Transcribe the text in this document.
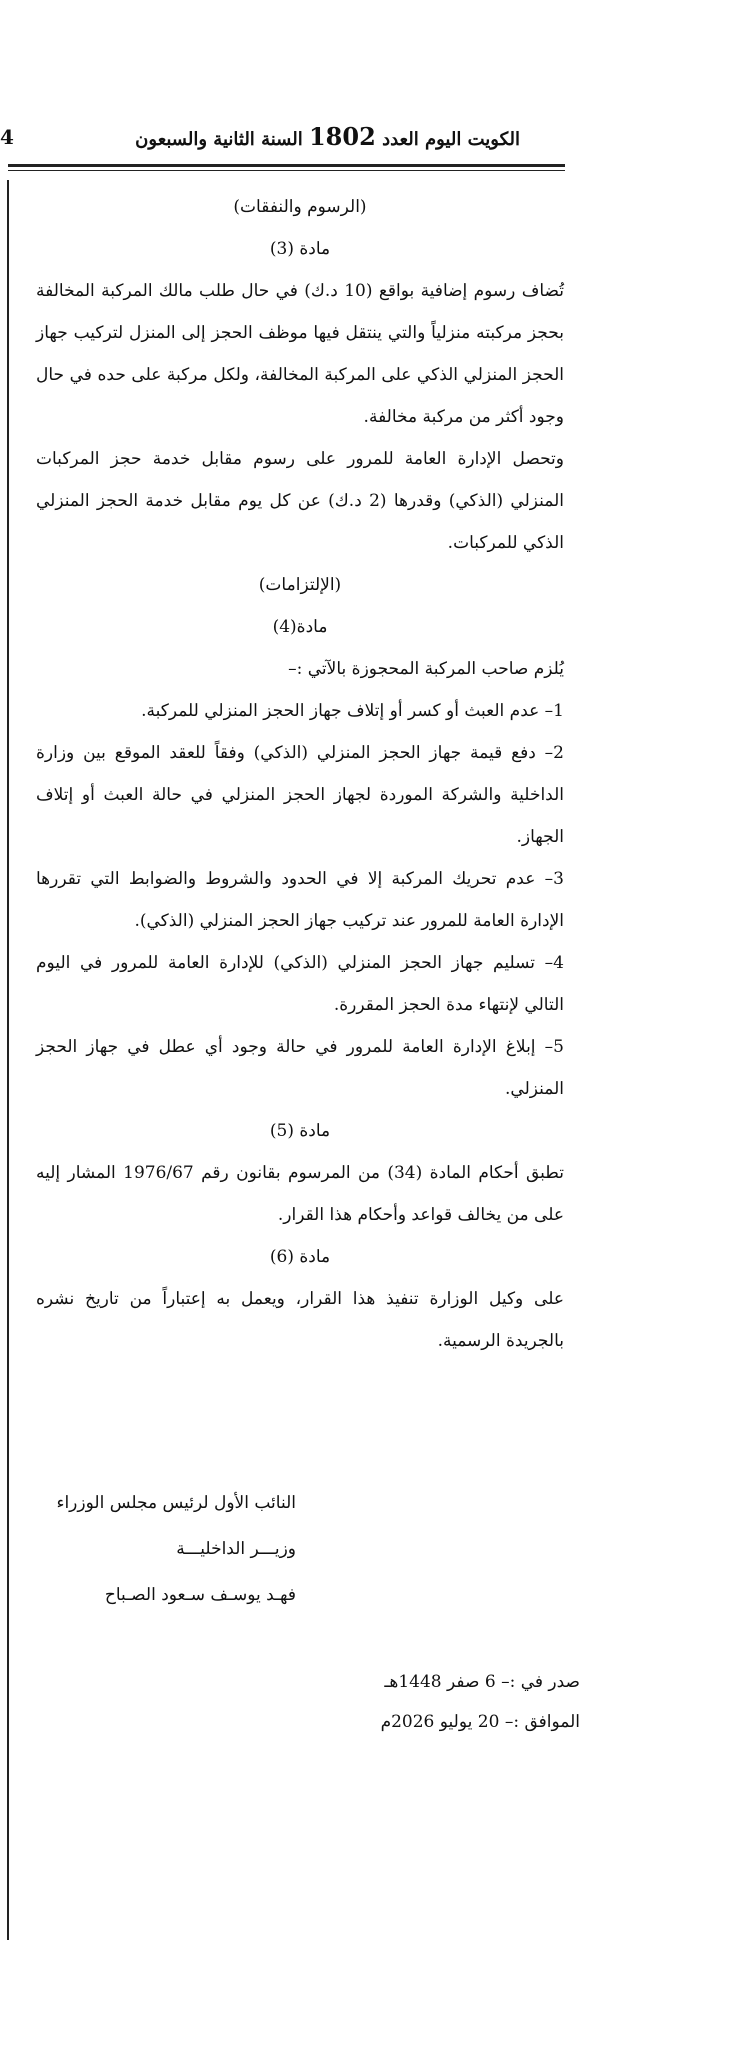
4	الكويت اليوم العدد 1802 السنة الثانية والسبعون

(الرسوم والنفقات)

مادة (3)

تُضاف رسوم إضافية بواقع (10 د.ك) في حال طلب مالك المركبة المخالفة بحجز مركبته منزلياً والتي ينتقل فيها موظف الحجز إلى المنزل لتركيب جهاز الحجز المنزلي الذكي على المركبة المخالفة، ولكل مركبة على حده في حال وجود أكثر من مركبة مخالفة.

وتحصل الإدارة العامة للمرور على رسوم مقابل خدمة حجز المركبات المنزلي (الذكي) وقدرها (2 د.ك) عن كل يوم مقابل خدمة الحجز المنزلي الذكي للمركبات.

(الإلتزامات)

مادة(4)

يُلزم صاحب المركبة المحجوزة بالآتي :–

1– عدم العبث أو كسر أو إتلاف جهاز الحجز المنزلي للمركبة.

2– دفع قيمة جهاز الحجز المنزلي (الذكي) وفقاً للعقد الموقع بين وزارة الداخلية والشركة الموردة لجهاز الحجز المنزلي في حالة العبث أو إتلاف الجهاز.

3– عدم تحريك المركبة إلا في الحدود والشروط والضوابط التي تقررها الإدارة العامة للمرور عند تركيب جهاز الحجز المنزلي (الذكي).

4– تسليم جهاز الحجز المنزلي (الذكي) للإدارة العامة للمرور في اليوم التالي لإنتهاء مدة الحجز المقررة.

5– إبلاغ الإدارة العامة للمرور في حالة وجود أي عطل في جهاز الحجز المنزلي.

مادة (5)

تطبق أحكام المادة (34) من المرسوم بقانون رقم 1976/67 المشار إليه على من يخالف قواعد وأحكام هذا القرار.

مادة (6)

على وكيل الوزارة تنفيذ هذا القرار، ويعمل به إعتباراً من تاريخ نشره بالجريدة الرسمية.

النائب الأول لرئيس مجلس الوزراء

وزيـــر الداخليـــة

فهـد يوسـف سـعود الصـباح

صدر في :– 6 صفر 1448هـ

الموافق :– 20 يوليو 2026م
